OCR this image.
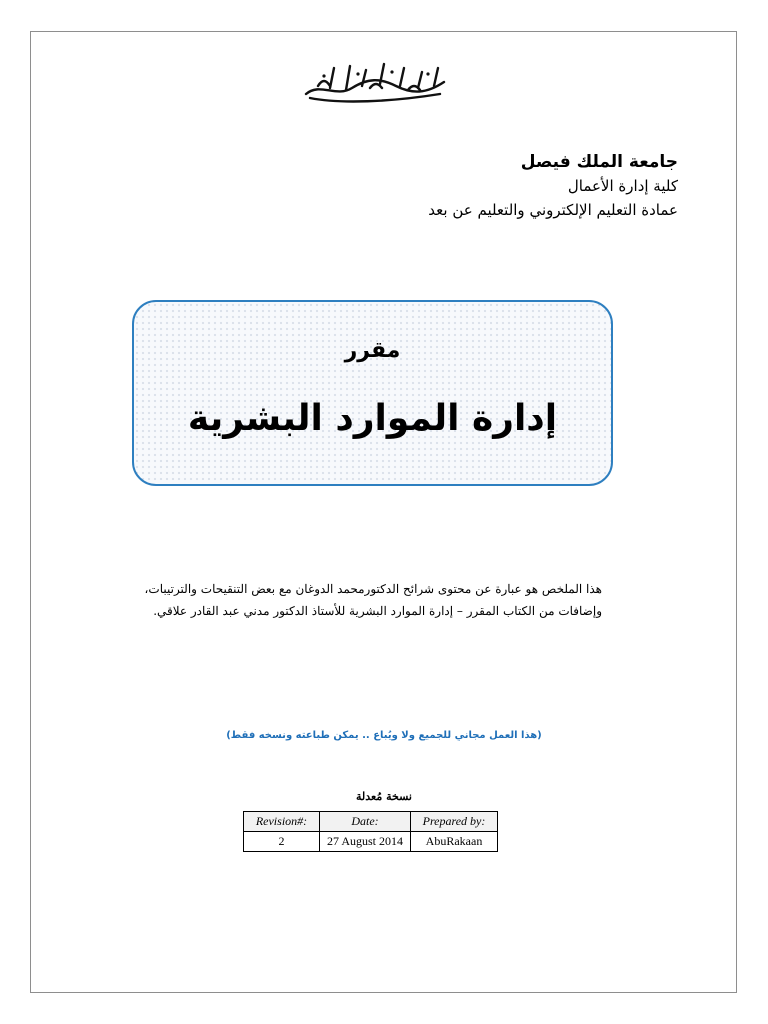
جامعة الملك فيصل
كلية إدارة الأعمال
عمادة التعليم الإلكتروني والتعليم عن بعد
مقرر
إدارة الموارد البشرية
هذا الملخص هو عبارة عن محتوى شرائح الدكتورمحمد الدوغان مع بعض التنقيحات والترتيبات،
وإضافات من الكتاب المقرر – إدارة الموارد البشرية للأستاذ الدكتور مدني عبد القادر علاقي.
(هذا العمل مجاني للجميع ولا ويُباع .. يمكن طباعته ونسخه فقط)
نسخة مُعدلة
Revision#:	Date:	Prepared by:
2	27 August 2014	AbuRakaan
